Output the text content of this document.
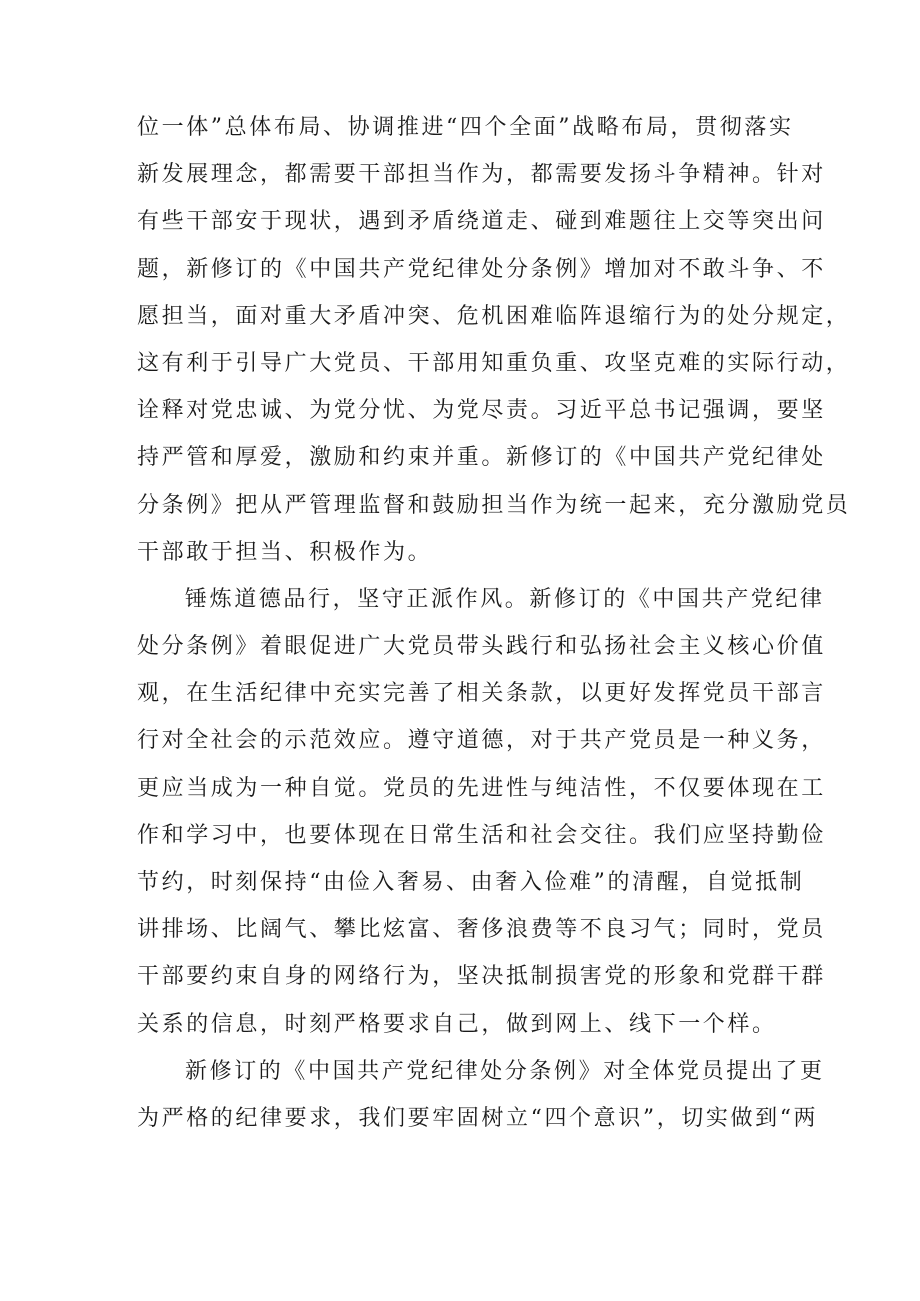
位一体”总体布局、协调推进“四个全面”战略布局，贯彻落实
新发展理念，都需要干部担当作为，都需要发扬斗争精神。针对
有些干部安于现状，遇到矛盾绕道走、碰到难题往上交等突出问
题，新修订的《中国共产党纪律处分条例》增加对不敢斗争、不
愿担当，面对重大矛盾冲突、危机困难临阵退缩行为的处分规定，
这有利于引导广大党员、干部用知重负重、攻坚克难的实际行动，
诠释对党忠诚、为党分忧、为党尽责。习近平总书记强调，要坚
持严管和厚爱，激励和约束并重。新修订的《中国共产党纪律处
分条例》把从严管理监督和鼓励担当作为统一起来，充分激励党员
干部敢于担当、积极作为。
锤炼道德品行，坚守正派作风。新修订的《中国共产党纪律
处分条例》着眼促进广大党员带头践行和弘扬社会主义核心价值
观，在生活纪律中充实完善了相关条款，以更好发挥党员干部言
行对全社会的示范效应。遵守道德，对于共产党员是一种义务，
更应当成为一种自觉。党员的先进性与纯洁性，不仅要体现在工
作和学习中，也要体现在日常生活和社会交往。我们应坚持勤俭
节约，时刻保持“由俭入奢易、由奢入俭难”的清醒，自觉抵制
讲排场、比阔气、攀比炫富、奢侈浪费等不良习气；同时，党员
干部要约束自身的网络行为，坚决抵制损害党的形象和党群干群
关系的信息，时刻严格要求自己，做到网上、线下一个样。
新修订的《中国共产党纪律处分条例》对全体党员提出了更
为严格的纪律要求，我们要牢固树立“四个意识”，切实做到“两
